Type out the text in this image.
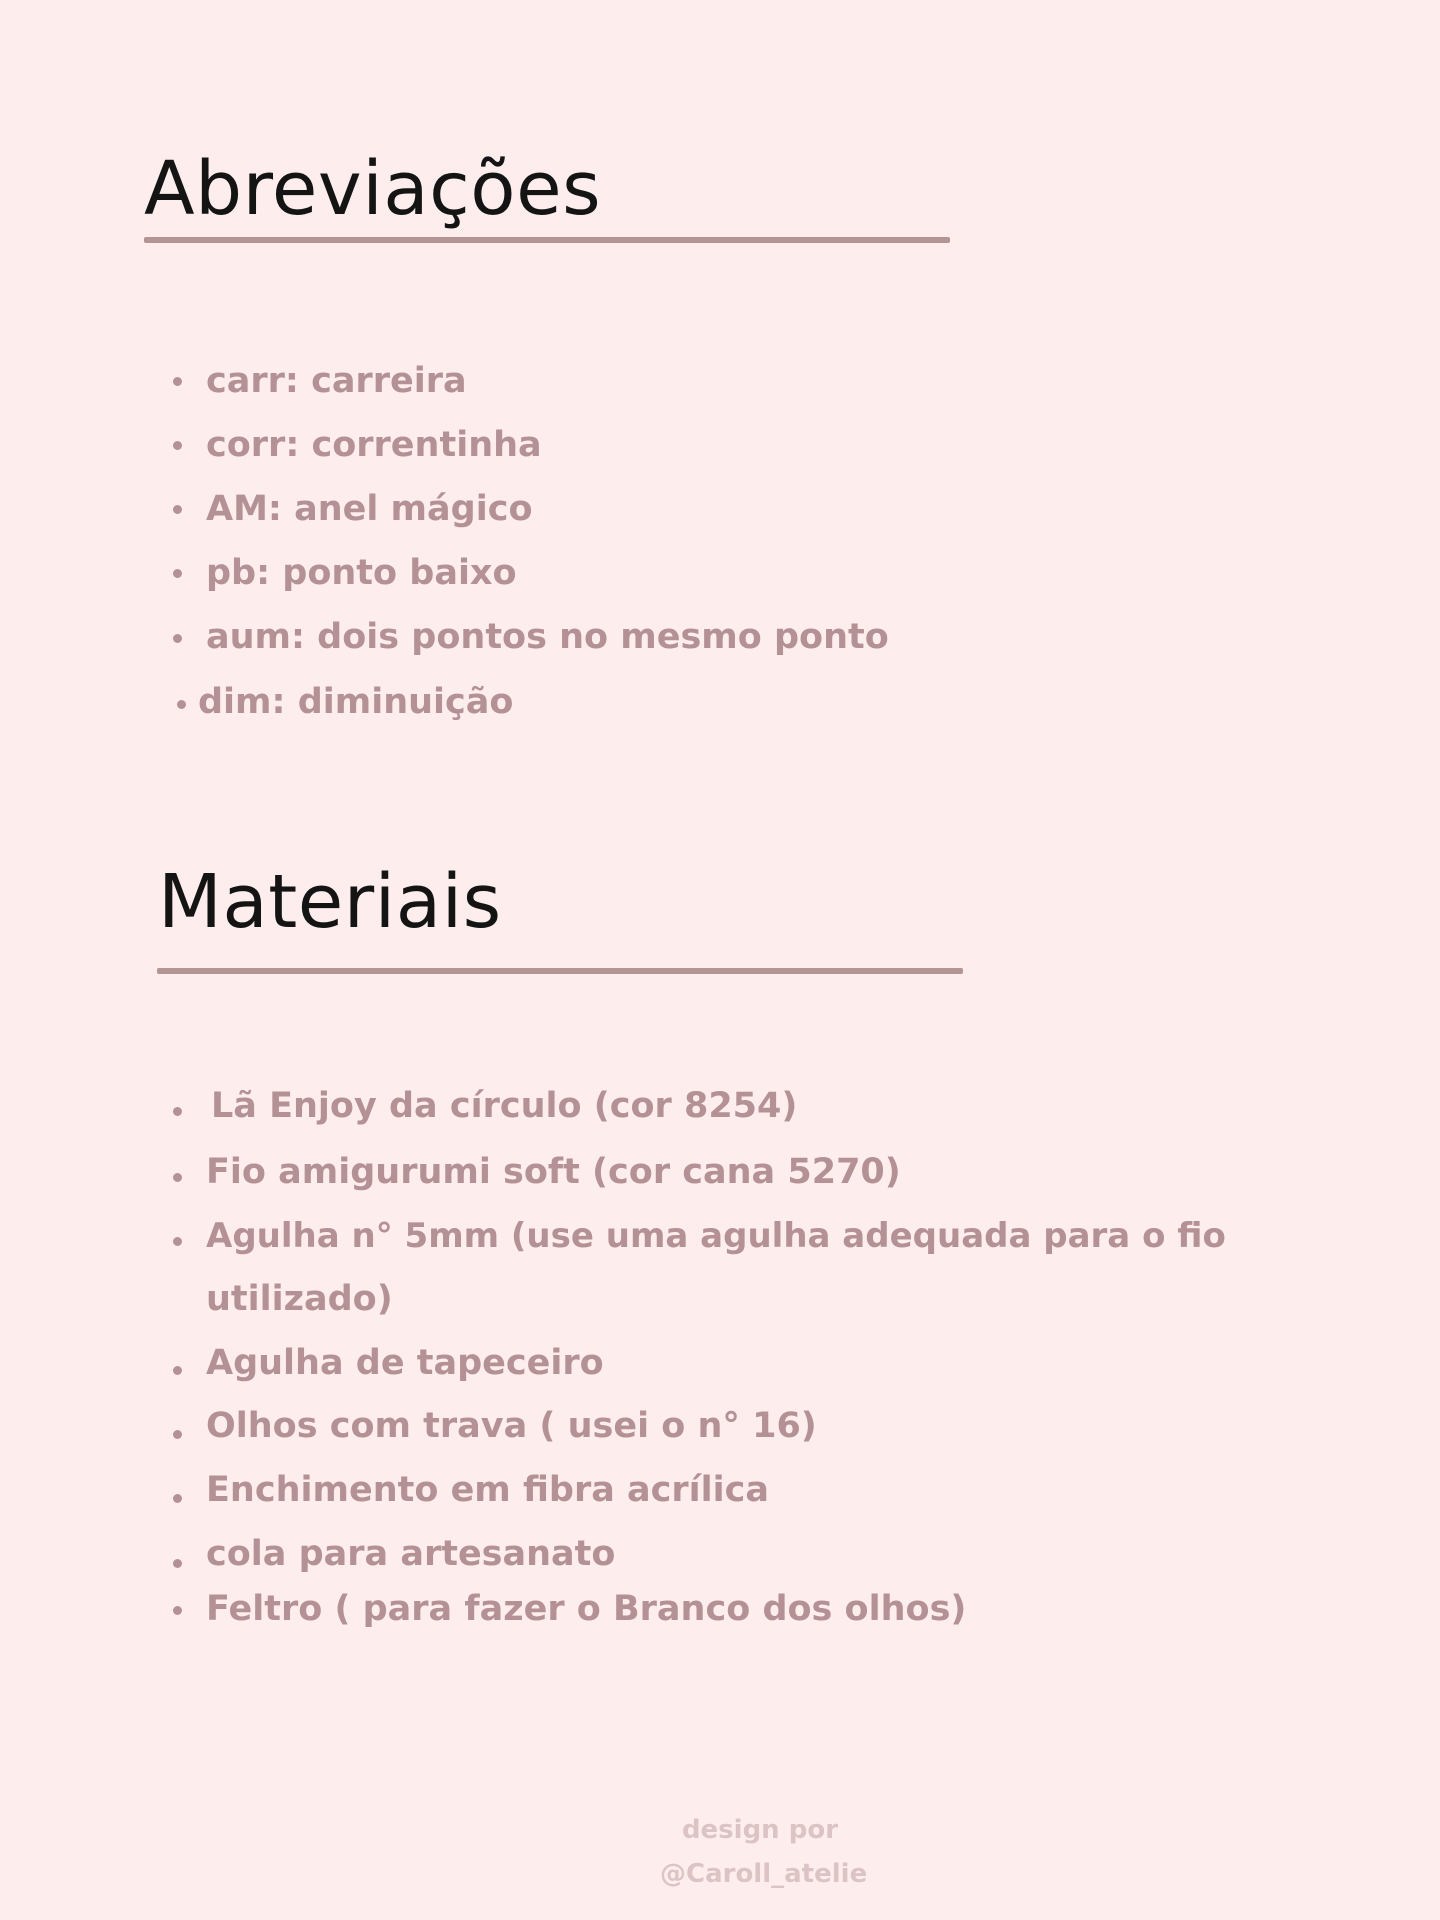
Abreviações
carr: carreira
corr: correntinha
AM: anel mágico
pb: ponto baixo
aum: dois pontos no mesmo ponto
dim: diminuição
Materiais
Lã Enjoy da círculo (cor 8254)
Fio amigurumi soft (cor cana 5270)
Agulha n° 5mm (use uma agulha adequada para o fio
utilizado)
Agulha de tapeceiro
Olhos com trava ( usei o n° 16)
Enchimento em fibra acrílica
cola para artesanato
Feltro ( para fazer o Branco dos olhos)
design por
@Caroll_atelie
